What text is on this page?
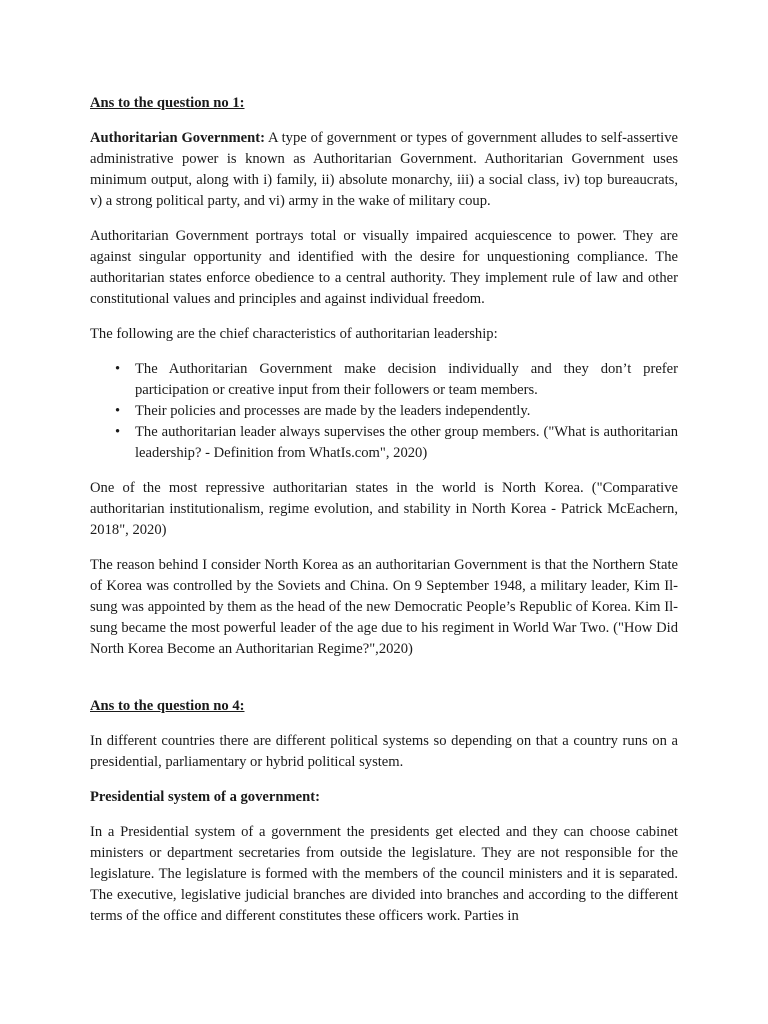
Ans to the question no 1:

Authoritarian Government: A type of government or types of government alludes to self-assertive administrative power is known as Authoritarian Government. Authoritarian Government uses minimum output, along with i) family, ii) absolute monarchy, iii) a social class, iv) top bureaucrats, v) a strong political party, and vi) army in the wake of military coup.

Authoritarian Government portrays total or visually impaired acquiescence to power. They are against singular opportunity and identified with the desire for unquestioning compliance. The authoritarian states enforce obedience to a central authority. They implement rule of law and other constitutional values and principles and against individual freedom.

The following are the chief characteristics of authoritarian leadership:

• The Authoritarian Government make decision individually and they don’t prefer participation or creative input from their followers or team members.
• Their policies and processes are made by the leaders independently.
• The authoritarian leader always supervises the other group members. ("What is authoritarian leadership? - Definition from WhatIs.com", 2020)

One of the most repressive authoritarian states in the world is North Korea. ("Comparative authoritarian institutionalism, regime evolution, and stability in North Korea - Patrick McEachern, 2018", 2020)

The reason behind I consider North Korea as an authoritarian Government is that the Northern State of Korea was controlled by the Soviets and China. On 9 September 1948, a military leader, Kim Il-sung was appointed by them as the head of the new Democratic People’s Republic of Korea. Kim Il-sung became the most powerful leader of the age due to his regiment in World War Two. ("How Did North Korea Become an Authoritarian Regime?",2020)

Ans to the question no 4:

In different countries there are different political systems so depending on that a country runs on a presidential, parliamentary or hybrid political system.

Presidential system of a government:

In a Presidential system of a government the presidents get elected and they can choose cabinet ministers or department secretaries from outside the legislature. They are not responsible for the legislature. The legislature is formed with the members of the council ministers and it is separated. The executive, legislative judicial branches are divided into branches and according to the different terms of the office and different constitutes these officers work. Parties in
